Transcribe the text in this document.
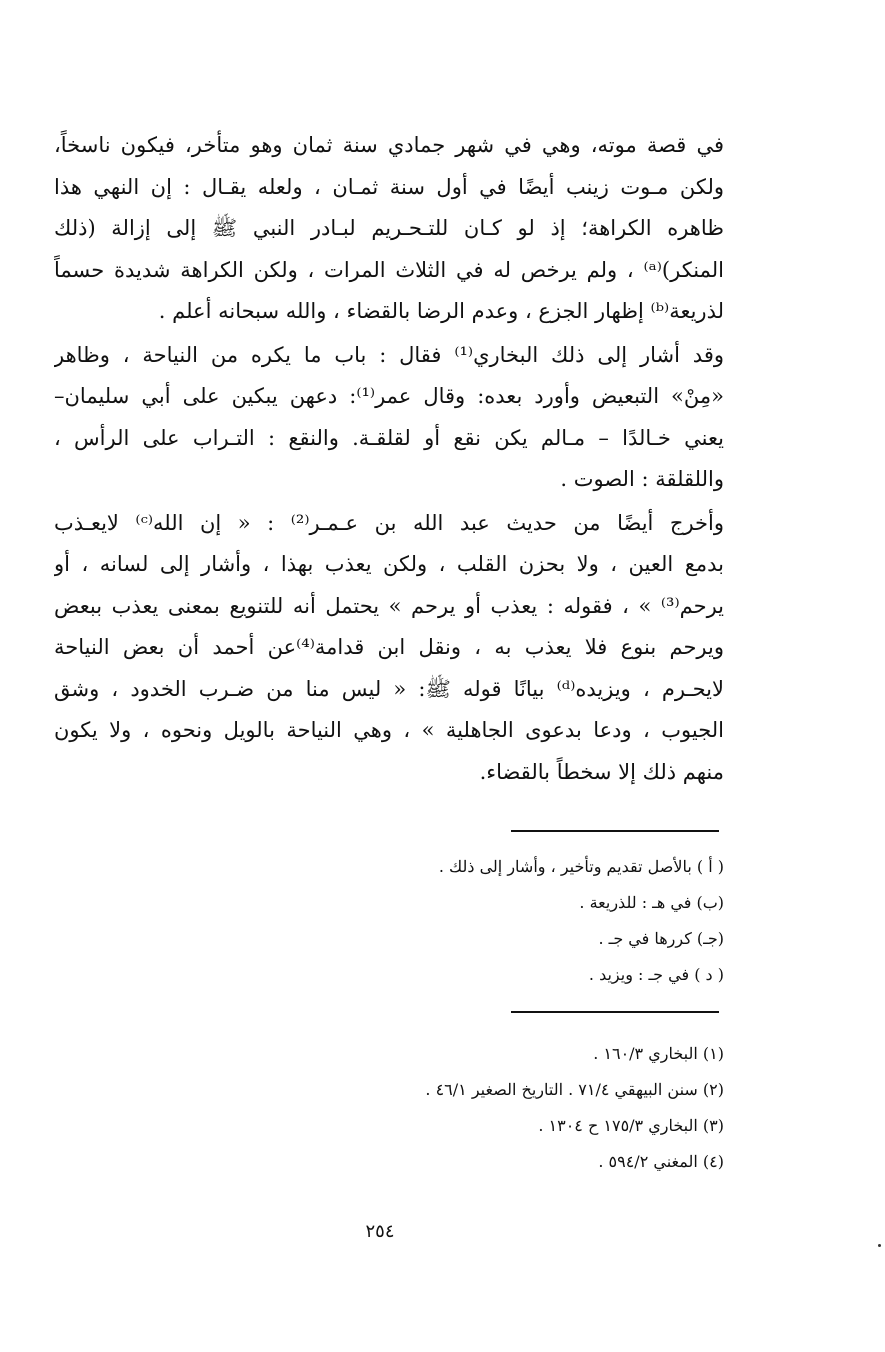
في قصة موته، وهي في شهر جمادي سنة ثمان وهو متأخر، فيكون ناسخاً،
ولكن مـوت زينب أيضًا في أول سنة ثمـان ، ولعله يقـال : إن النهي هذا
ظاهره الكراهة؛ إذ لو كـان للتـحـريم لبـادر النبي ﷺ إلى إزالة (ذلك
المنكر)⁽ᵃ⁾ ، ولم يرخص له في الثلاث المرات ، ولكن الكراهة شديدة حسماً
لذريعة⁽ᵇ⁾ إظهار الجزع ، وعدم الرضا بالقضاء ، والله سبحانه أعلم .
وقد أشار إلى ذلك البخاري⁽¹⁾ فقال : باب ما يكره من النياحة ، وظاهر
«مِنْ» التبعيض وأورد بعده: وقال عمر⁽¹⁾: دعهن يبكين على أبي سليمان–
يعني خـالدًا – مـالم يكن نقع أو لقلقـة. والنقع : التـراب على الرأس ،
واللقلقة : الصوت .
وأخرج أيضًا من حديث عبد الله بن عـمـر⁽²⁾ : « إن الله⁽ᶜ⁾ لايعـذب
بدمع العين ، ولا بحزن القلب ، ولكن يعذب بهذا ، وأشار إلى لسانه ، أو
يرحم⁽³⁾ » ، فقوله : يعذب أو يرحم » يحتمل أنه للتنويع بمعنى يعذب ببعض
ويرحم بنوع فلا يعذب به ، ونقل ابن قدامة⁽⁴⁾عن أحمد أن بعض النياحة
لايحـرم ، ويزيده⁽ᵈ⁾ بيانًا قوله ﷺ: « ليس منا من ضـرب الخدود ، وشق
الجيوب ، ودعا بدعوى الجاهلية » ، وهي النياحة بالويل ونحوه ، ولا يكون
منهم ذلك إلا سخطاً بالقضاء.
( أ ) بالأصل تقديم وتأخير ، وأشار إلى ذلك .
(ب) في هـ : للذريعة .
(جـ) كررها في جـ .
( د ) في جـ : ويزيد .
(١) البخاري ١٦٠/٣ .
(٢) سنن البيهقي ٧١/٤ . التاريخ الصغير ٤٦/١ .
(٣) البخاري ١٧٥/٣ ح ١٣٠٤ .
(٤) المغني ٥٩٤/٢ .
٢٥٤
